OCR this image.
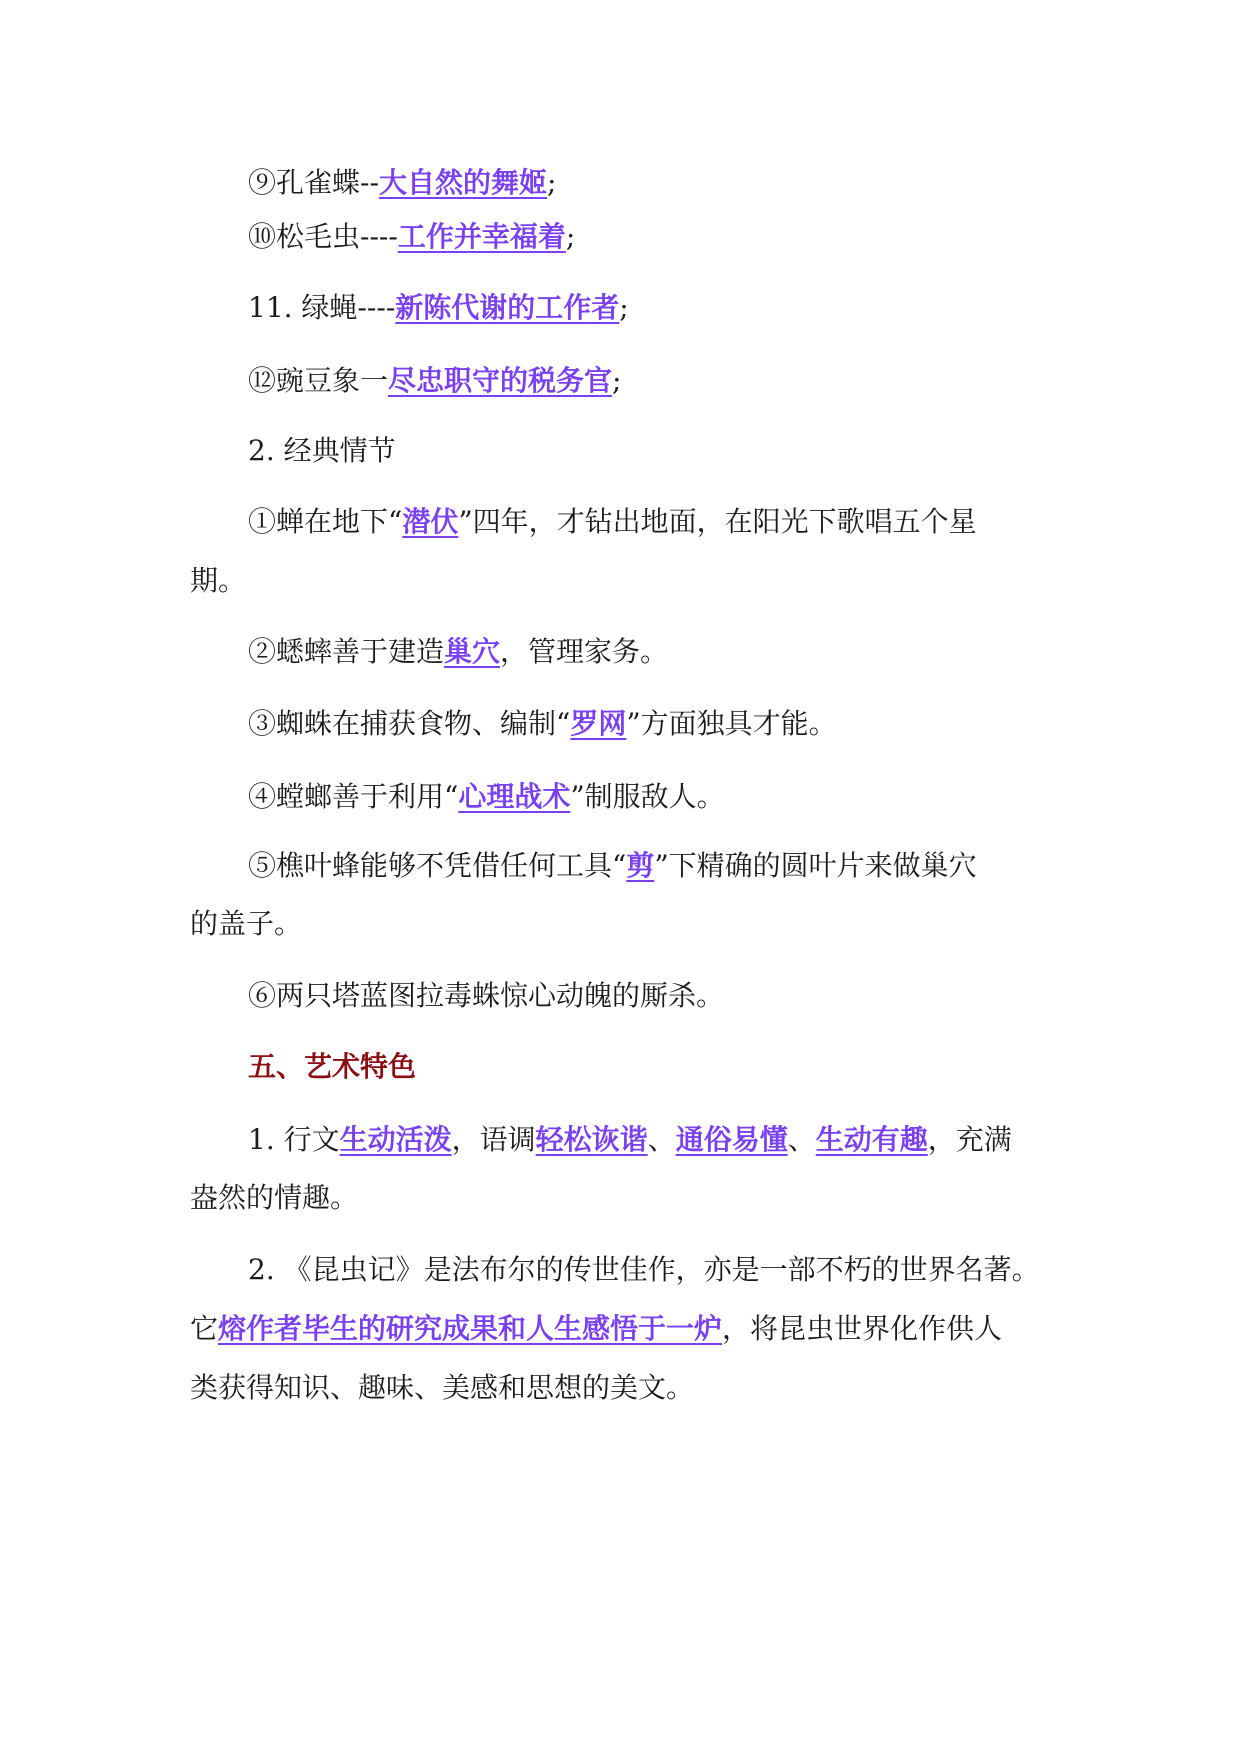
⑨孔雀蝶--大自然的舞姬;
⑩松毛虫----工作并幸福着;
11. 绿蝇----新陈代谢的工作者;
⑫豌豆象一尽忠职守的税务官;
2. 经典情节
①蝉在地下“潜伏”四年，才钻出地面，在阳光下歌唱五个星
期。
②蟋蟀善于建造巢穴，管理家务。
③蜘蛛在捕获食物、编制“罗网”方面独具才能。
④螳螂善于利用“心理战术”制服敌人。
⑤樵叶蜂能够不凭借任何工具“剪”下精确的圆叶片来做巢穴
的盖子。
⑥两只塔蓝图拉毒蛛惊心动魄的厮杀。
五、艺术特色
1. 行文生动活泼，语调轻松诙谐、通俗易懂、生动有趣，充满
盎然的情趣。
2. 《昆虫记》是法布尔的传世佳作，亦是一部不朽的世界名著。
它熔作者毕生的研究成果和人生感悟于一炉，将昆虫世界化作供人
类获得知识、趣味、美感和思想的美文。
